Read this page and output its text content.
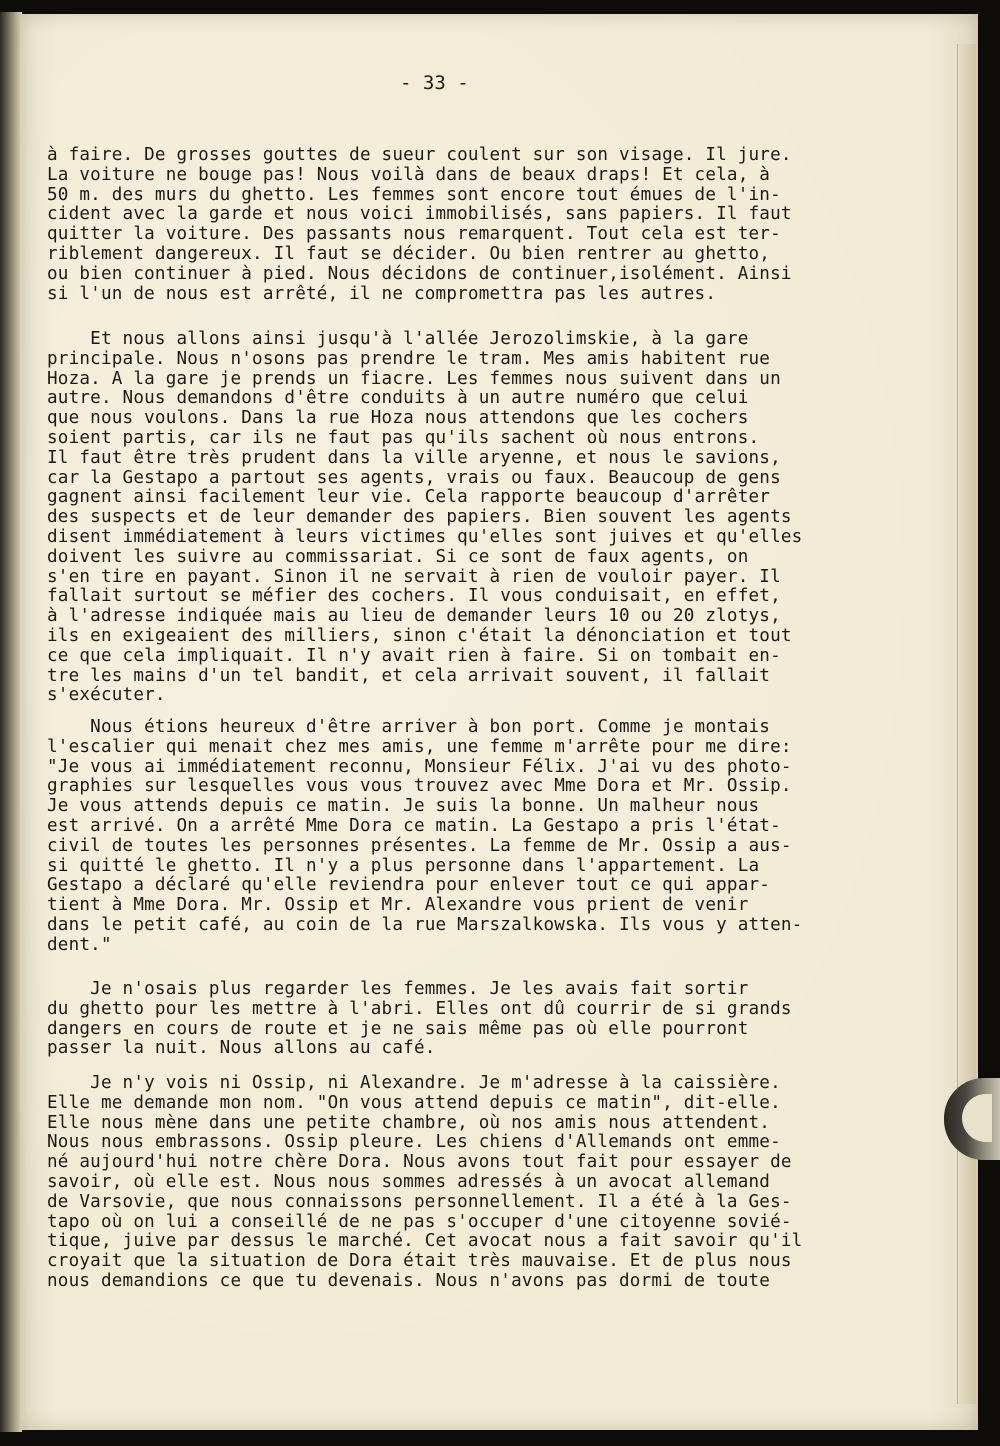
- 33 -
à faire. De grosses gouttes de sueur coulent sur son visage. Il jure.
La voiture ne bouge pas! Nous voilà dans de beaux draps! Et cela, à
50 m. des murs du ghetto. Les femmes sont encore tout émues de l'in-
cident avec la garde et nous voici immobilisés, sans papiers. Il faut
quitter la voiture. Des passants nous remarquent. Tout cela est ter-
riblement dangereux. Il faut se décider. Ou bien rentrer au ghetto,
ou bien continuer à pied. Nous décidons de continuer,isolément. Ainsi
si l'un de nous est arrêté, il ne compromettra pas les autres.
Et nous allons ainsi jusqu'à l'allée Jerozolimskie, à la gare
principale. Nous n'osons pas prendre le tram. Mes amis habitent rue
Hoza. A la gare je prends un fiacre. Les femmes nous suivent dans un
autre. Nous demandons d'être conduits à un autre numéro que celui
que nous voulons. Dans la rue Hoza nous attendons que les cochers
soient partis, car ils ne faut pas qu'ils sachent où nous entrons.
Il faut être très prudent dans la ville aryenne, et nous le savions,
car la Gestapo a partout ses agents, vrais ou faux. Beaucoup de gens
gagnent ainsi facilement leur vie. Cela rapporte beaucoup d'arrêter
des suspects et de leur demander des papiers. Bien souvent les agents
disent immédiatement à leurs victimes qu'elles sont juives et qu'elles
doivent les suivre au commissariat. Si ce sont de faux agents, on
s'en tire en payant. Sinon il ne servait à rien de vouloir payer. Il
fallait surtout se méfier des cochers. Il vous conduisait, en effet,
à l'adresse indiquée mais au lieu de demander leurs 10 ou 20 zlotys,
ils en exigeaient des milliers, sinon c'était la dénonciation et tout
ce que cela impliquait. Il n'y avait rien à faire. Si on tombait en-
tre les mains d'un tel bandit, et cela arrivait souvent, il fallait
s'exécuter.
Nous étions heureux d'être arriver à bon port. Comme je montais
l'escalier qui menait chez mes amis, une femme m'arrête pour me dire:
"Je vous ai immédiatement reconnu, Monsieur Félix. J'ai vu des photo-
graphies sur lesquelles vous vous trouvez avec Mme Dora et Mr. Ossip.
Je vous attends depuis ce matin. Je suis la bonne. Un malheur nous
est arrivé. On a arrêté Mme Dora ce matin. La Gestapo a pris l'état-
civil de toutes les personnes présentes. La femme de Mr. Ossip a aus-
si quitté le ghetto. Il n'y a plus personne dans l'appartement. La
Gestapo a déclaré qu'elle reviendra pour enlever tout ce qui appar-
tient à Mme Dora. Mr. Ossip et Mr. Alexandre vous prient de venir
dans le petit café, au coin de la rue Marszalkowska. Ils vous y atten-
dent."
Je n'osais plus regarder les femmes. Je les avais fait sortir
du ghetto pour les mettre à l'abri. Elles ont dû courrir de si grands
dangers en cours de route et je ne sais même pas où elle pourront
passer la nuit. Nous allons au café.
Je n'y vois ni Ossip, ni Alexandre. Je m'adresse à la caissière.
Elle me demande mon nom. "On vous attend depuis ce matin", dit-elle.
Elle nous mène dans une petite chambre, où nos amis nous attendent.
Nous nous embrassons. Ossip pleure. Les chiens d'Allemands ont emme-
né aujourd'hui notre chère Dora. Nous avons tout fait pour essayer de
savoir, où elle est. Nous nous sommes adressés à un avocat allemand
de Varsovie, que nous connaissons personnellement. Il a été à la Ges-
tapo où on lui a conseillé de ne pas s'occuper d'une citoyenne sovié-
tique, juive par dessus le marché. Cet avocat nous a fait savoir qu'il
croyait que la situation de Dora était très mauvaise. Et de plus nous
nous demandions ce que tu devenais. Nous n'avons pas dormi de toute
